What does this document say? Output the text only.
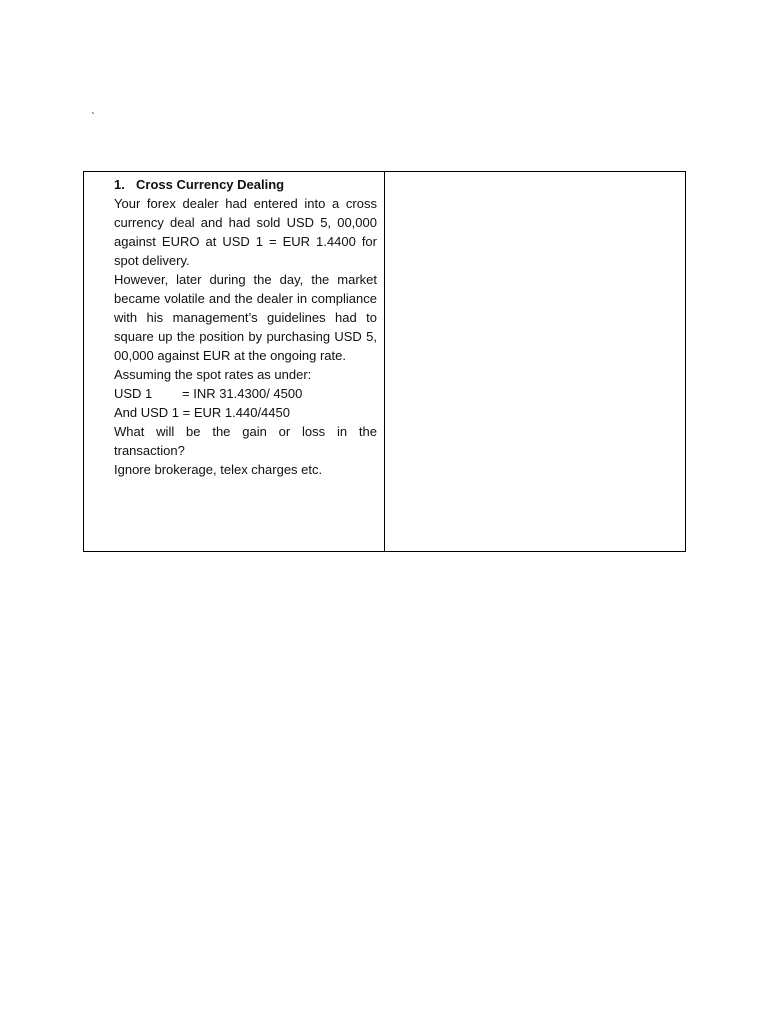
`
1. Cross Currency Dealing

Your forex dealer had entered into a cross currency deal and had sold USD 5, 00,000 against EURO at USD 1 = EUR 1.4400 for spot delivery.

However, later during the day, the market became volatile and the dealer in compliance with his management’s guidelines had to square up the position by purchasing USD 5, 00,000 against EUR at the ongoing rate.

Assuming the spot rates as under:

USD 1	= INR 31.4300/ 4500

And USD 1 = EUR 1.440/4450

What will be the gain or loss in the transaction?

Ignore brokerage, telex charges etc.
